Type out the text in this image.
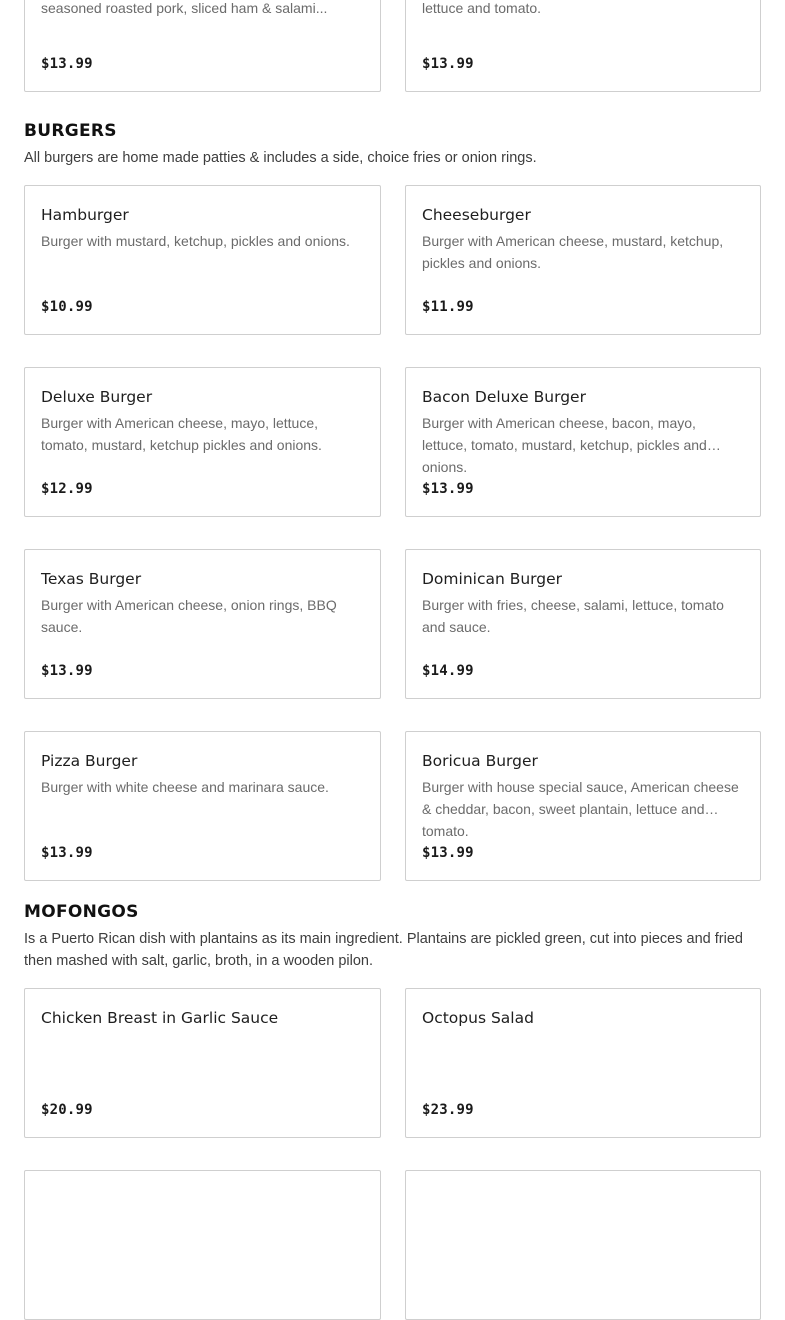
seasoned roasted pork, sliced ham & salami...
$13.99
lettuce and tomato.
$13.99
BURGERS
All burgers are home made patties & includes a side, choice fries or onion rings.
Hamburger
Burger with mustard, ketchup, pickles and onions.
$10.99
Cheeseburger
Burger with American cheese, mustard, ketchup, pickles and onions.
$11.99
Deluxe Burger
Burger with American cheese, mayo, lettuce, tomato, mustard, ketchup pickles and onions.
$12.99
Bacon Deluxe Burger
Burger with American cheese, bacon, mayo, lettuce, tomato, mustard, ketchup, pickles and onions.
$13.99
Texas Burger
Burger with American cheese, onion rings, BBQ sauce.
$13.99
Dominican Burger
Burger with fries, cheese, salami, lettuce, tomato and sauce.
$14.99
Pizza Burger
Burger with white cheese and marinara sauce.
$13.99
Boricua Burger
Burger with house special sauce, American cheese & cheddar, bacon, sweet plantain, lettuce and tomato.
$13.99
MOFONGOS
Is a Puerto Rican dish with plantains as its main ingredient. Plantains are pickled green, cut into pieces and fried then mashed with salt, garlic, broth, in a wooden pilon.
Chicken Breast in Garlic Sauce
$20.99
Octopus Salad
$23.99
